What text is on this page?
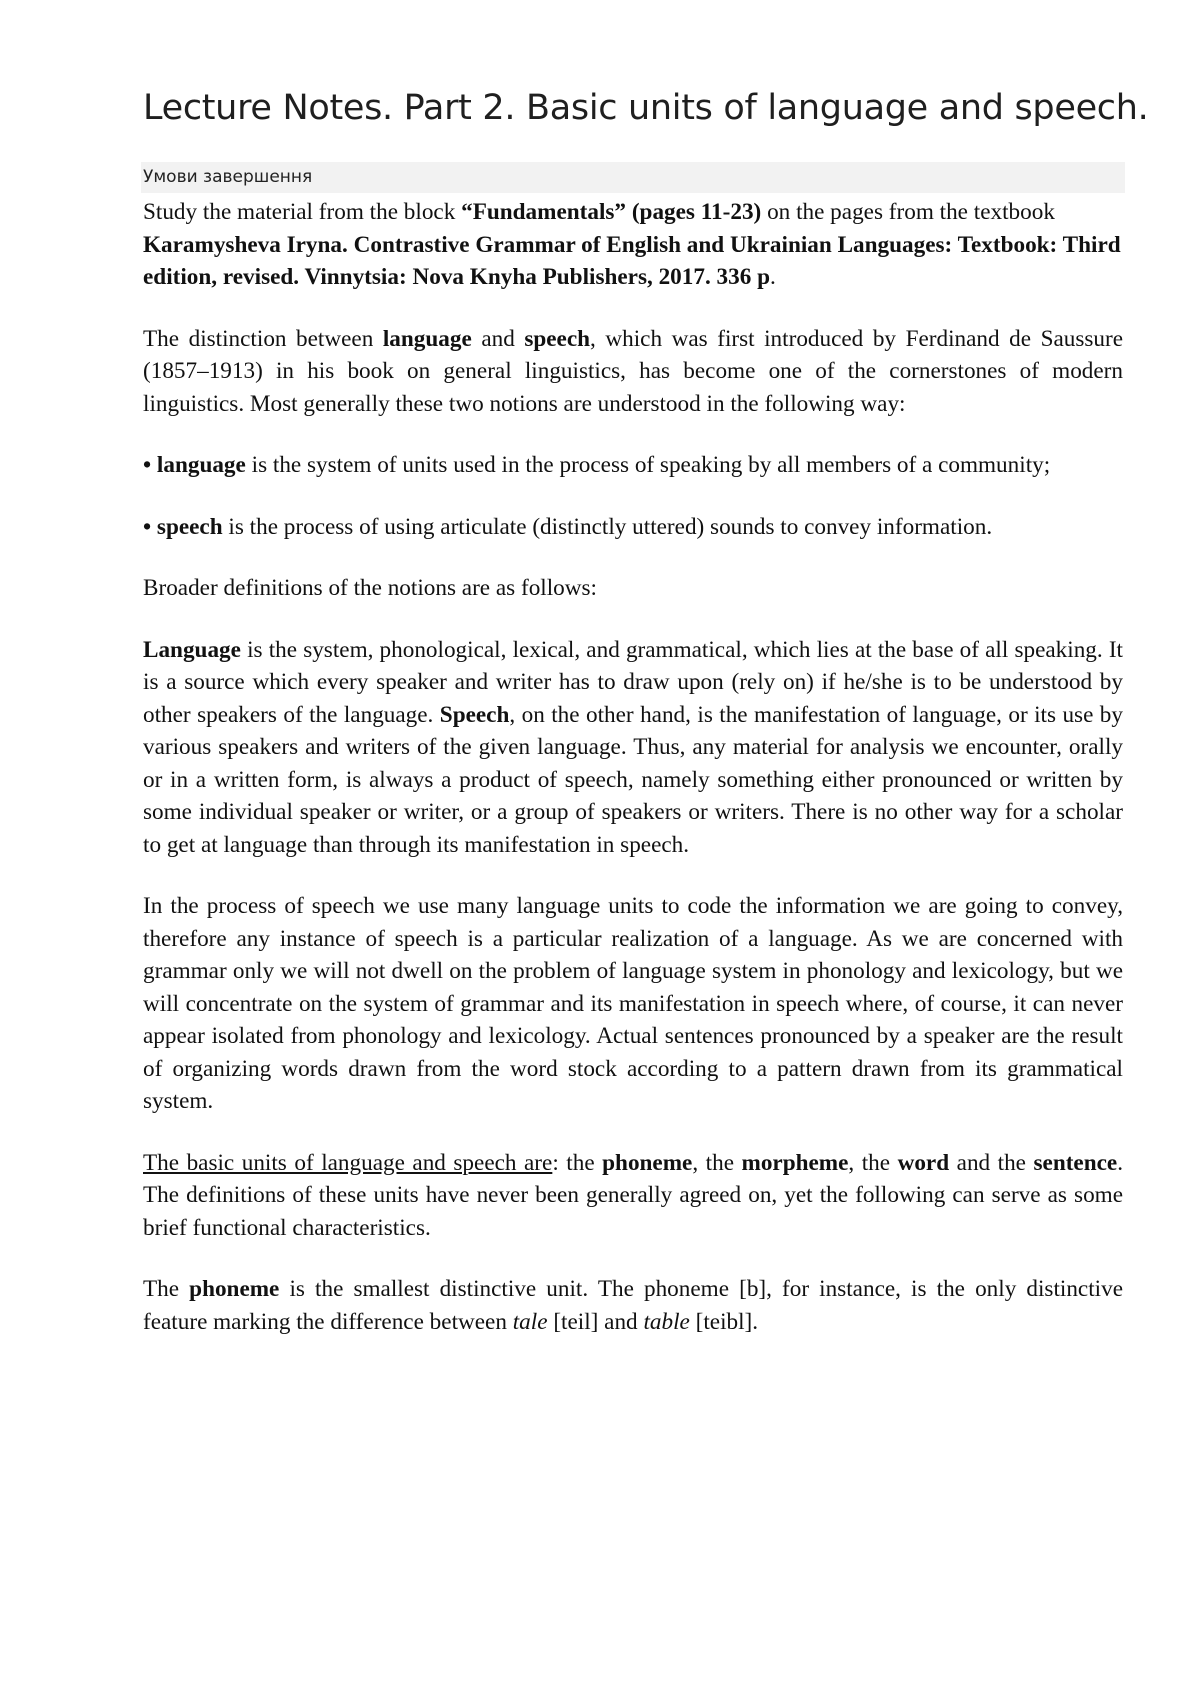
Lecture Notes. Part 2. Basic units of language and speech.
Умови завершення

Study the material from the block “Fundamentals” (pages 11-23) on the pages from the textbook Karamysheva Iryna. Contrastive Grammar of English and Ukrainian Languages: Textbook: Third edition, revised. Vinnytsia: Nova Knyha Publishers, 2017. 336 p.

The distinction between language and speech, which was first introduced by Ferdinand de Saussure (1857–1913) in his book on general linguistics, has become one of the cornerstones of modern linguistics. Most generally these two notions are understood in the following way:

• language is the system of units used in the process of speaking by all members of a community;

• speech is the process of using articulate (distinctly uttered) sounds to convey information.

Broader definitions of the notions are as follows:

Language is the system, phonological, lexical, and grammatical, which lies at the base of all speaking. It is a source which every speaker and writer has to draw upon (rely on) if he/she is to be understood by other speakers of the language. Speech, on the other hand, is the manifestation of language, or its use by various speakers and writers of the given language. Thus, any material for analysis we encounter, orally or in a written form, is always a product of speech, namely something either pronounced or written by some individual speaker or writer, or a group of speakers or writers. There is no other way for a scholar to get at language than through its manifestation in speech.

In the process of speech we use many language units to code the information we are going to convey, therefore any instance of speech is a particular realization of a language. As we are concerned with grammar only we will not dwell on the problem of language system in phonology and lexicology, but we will concentrate on the system of grammar and its manifestation in speech where, of course, it can never appear isolated from phonology and lexicology. Actual sentences pronounced by a speaker are the result of organizing words drawn from the word stock according to a pattern drawn from its grammatical system.

The basic units of language and speech are: the phoneme, the morpheme, the word and the sentence. The definitions of these units have never been generally agreed on, yet the following can serve as some brief functional characteristics.

The phoneme is the smallest distinctive unit. The phoneme [b], for instance, is the only distinctive feature marking the difference between tale [teil] and table [teibl].
